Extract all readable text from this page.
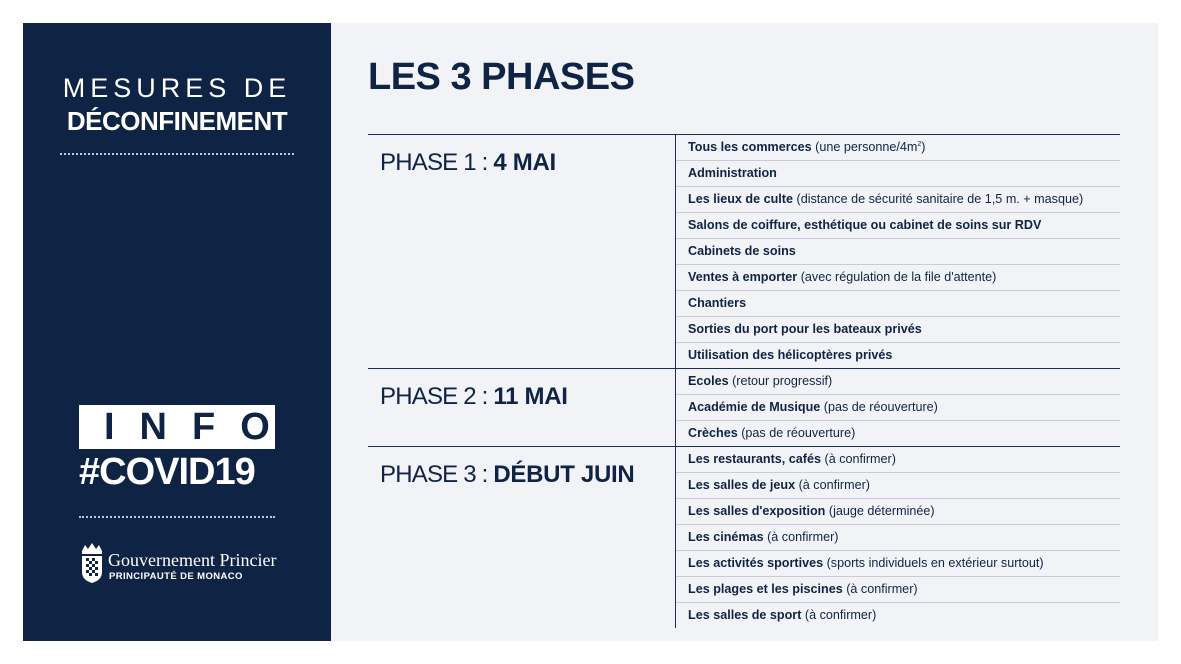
MESURES DE
DÉCONFINEMENT
INFO
#COVID19
Gouvernement Princier
PRINCIPAUTÉ DE MONACO
LES 3 PHASES
PHASE 1 : 4 MAI
Tous les commerces (une personne/$4m^2$)
Administration
Les lieux de culte (distance de sécurité sanitaire de 1,5 m. + masque)
Salons de coiffure, esthétique ou cabinet de soins sur RDV
Cabinets de soins
Ventes à emporter (avec régulation de la file d'attente)
Chantiers
Sorties du port pour les bateaux privés
Utilisation des hélicoptères privés
PHASE 2 : 11 MAI
Ecoles (retour progressif)
Académie de Musique (pas de réouverture)
Crèches (pas de réouverture)
PHASE 3 : DÉBUT JUIN
Les restaurants, cafés (à confirmer)
Les salles de jeux (à confirmer)
Les salles d'exposition (jauge déterminée)
Les cinémas (à confirmer)
Les activités sportives (sports individuels en extérieur surtout)
Les plages et les piscines (à confirmer)
Les salles de sport (à confirmer)
